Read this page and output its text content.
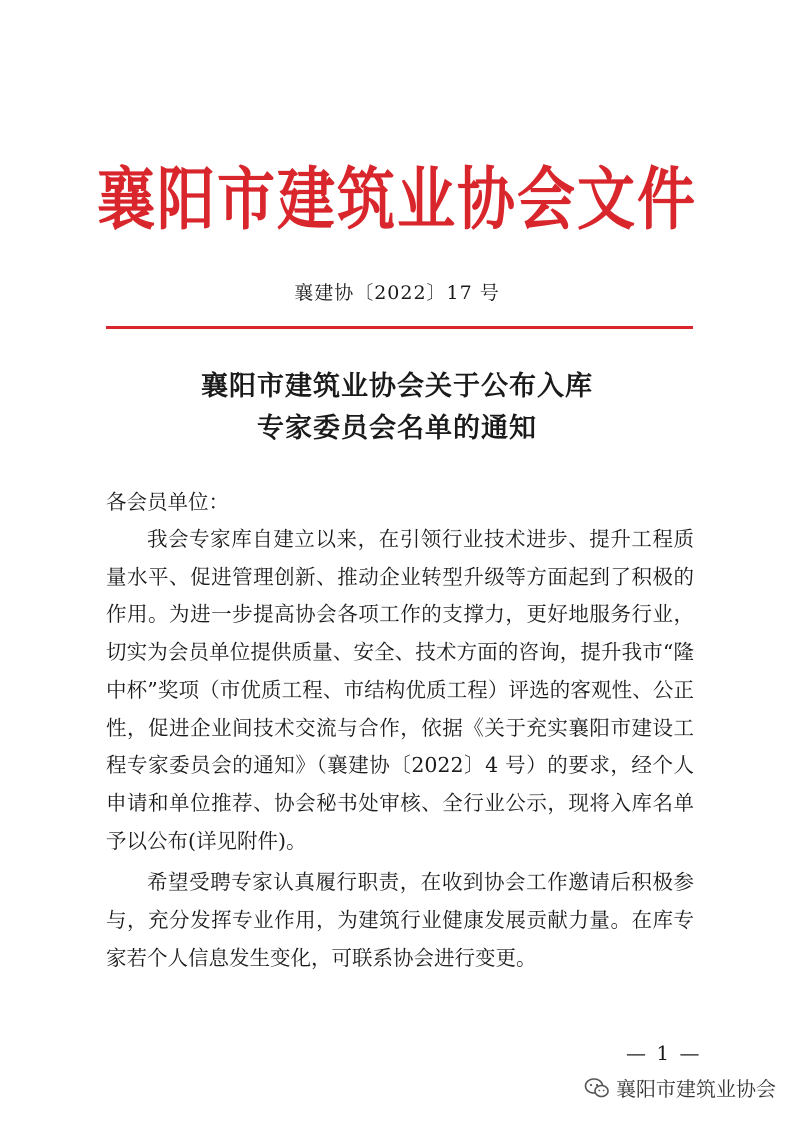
襄阳市建筑业协会文件
襄建协〔2022〕17 号
襄阳市建筑业协会关于公布入库
专家委员会名单的通知
各会员单位：

我会专家库自建立以来，在引领行业技术进步、提升工程质量水平、促进管理创新、推动企业转型升级等方面起到了积极的作用。为进一步提高协会各项工作的支撑力，更好地服务行业，切实为会员单位提供质量、安全、技术方面的咨询，提升我市“隆中杯”奖项（市优质工程、市结构优质工程）评选的客观性、公正性，促进企业间技术交流与合作，依据《关于充实襄阳市建设工程专家委员会的通知》（襄建协〔2022〕4 号）的要求，经个人申请和单位推荐、协会秘书处审核、全行业公示，现将入库名单予以公布(详见附件)。

希望受聘专家认真履行职责，在收到协会工作邀请后积极参与，充分发挥专业作用，为建筑行业健康发展贡献力量。在库专家若个人信息发生变化，可联系协会进行变更。

— 1 —
襄阳市建筑业协会
